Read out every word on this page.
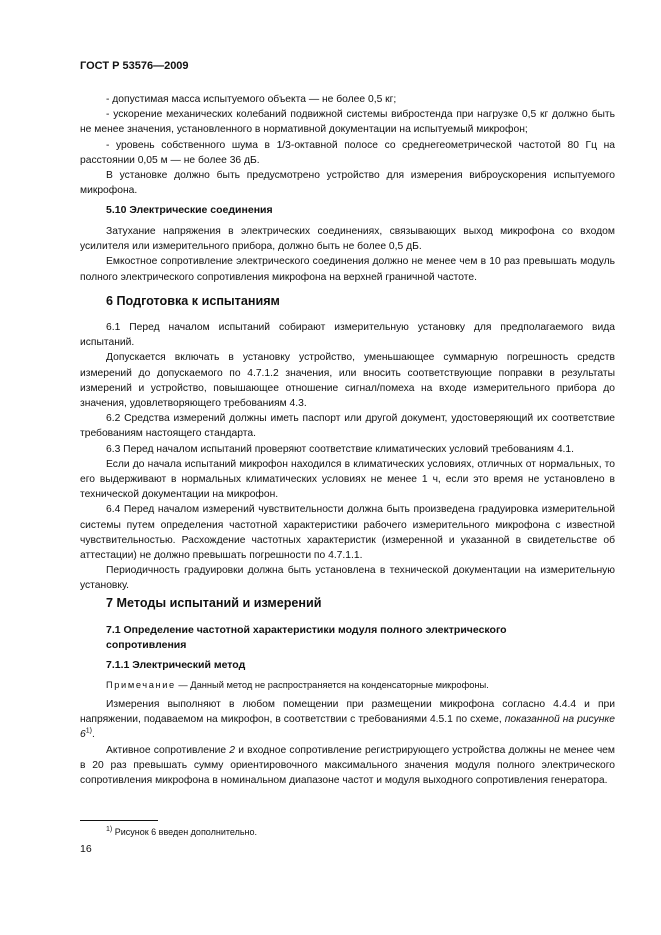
ГОСТ Р 53576—2009

- допустимая масса испытуемого объекта — не более 0,5 кг;

- ускорение механических колебаний подвижной системы вибростенда при нагрузке 0,5 кг должно быть не менее значения, установленного в нормативной документации на испытуемый микрофон;

- уровень собственного шума в 1/3-октавной полосе со среднегеометрической частотой 80 Гц на расстоянии 0,05 м — не более 36 дБ.

В установке должно быть предусмотрено устройство для измерения виброускорения испытуемого микрофона.

5.10 Электрические соединения

Затухание напряжения в электрических соединениях, связывающих выход микрофона со входом усилителя или измерительного прибора, должно быть не более 0,5 дБ.

Емкостное сопротивление электрического соединения должно не менее чем в 10 раз превышать модуль полного электрического сопротивления микрофона на верхней граничной частоте.

6 Подготовка к испытаниям

6.1 Перед началом испытаний собирают измерительную установку для предполагаемого вида испытаний.

Допускается включать в установку устройство, уменьшающее суммарную погрешность средств измерений до допускаемого по 4.7.1.2 значения, или вносить соответствующие поправки в результаты измерений и устройство, повышающее отношение сигнал/помеха на входе измерительного прибора до значения, удовлетворяющего требованиям 4.3.

6.2 Средства измерений должны иметь паспорт или другой документ, удостоверяющий их соответствие требованиям настоящего стандарта.

6.3 Перед началом испытаний проверяют соответствие климатических условий требованиям 4.1.

Если до начала испытаний микрофон находился в климатических условиях, отличных от нормальных, то его выдерживают в нормальных климатических условиях не менее 1 ч, если это время не установлено в технической документации на микрофон.

6.4 Перед началом измерений чувствительности должна быть произведена градуировка измерительной системы путем определения частотной характеристики рабочего измерительного микрофона с известной чувствительностью. Расхождение частотных характеристик (измеренной и указанной в свидетельстве об аттестации) не должно превышать погрешности по 4.7.1.1.

Периодичность градуировки должна быть установлена в технической документации на измерительную установку.

7 Методы испытаний и измерений
7.1 Определение частотной характеристики модуля полного электрического сопротивления
7.1.1 Электрический метод
Примечание — Данный метод не распространяется на конденсаторные микрофоны.

Измерения выполняют в любом помещении при размещении микрофона согласно 4.4.4 и при напряжении, подаваемом на микрофон, в соответствии с требованиями 4.5.1 по схеме, показанной на рисунке 6$^{1)}$.

Активное сопротивление 2 и входное сопротивление регистрирующего устройства должны не менее чем в 20 раз превышать сумму ориентировочного максимального значения модуля полного электрического сопротивления микрофона в номинальном диапазоне частот и модуля выходного сопротивления генератора.

$^{1)}$ Рисунок 6 введен дополнительно.
16
